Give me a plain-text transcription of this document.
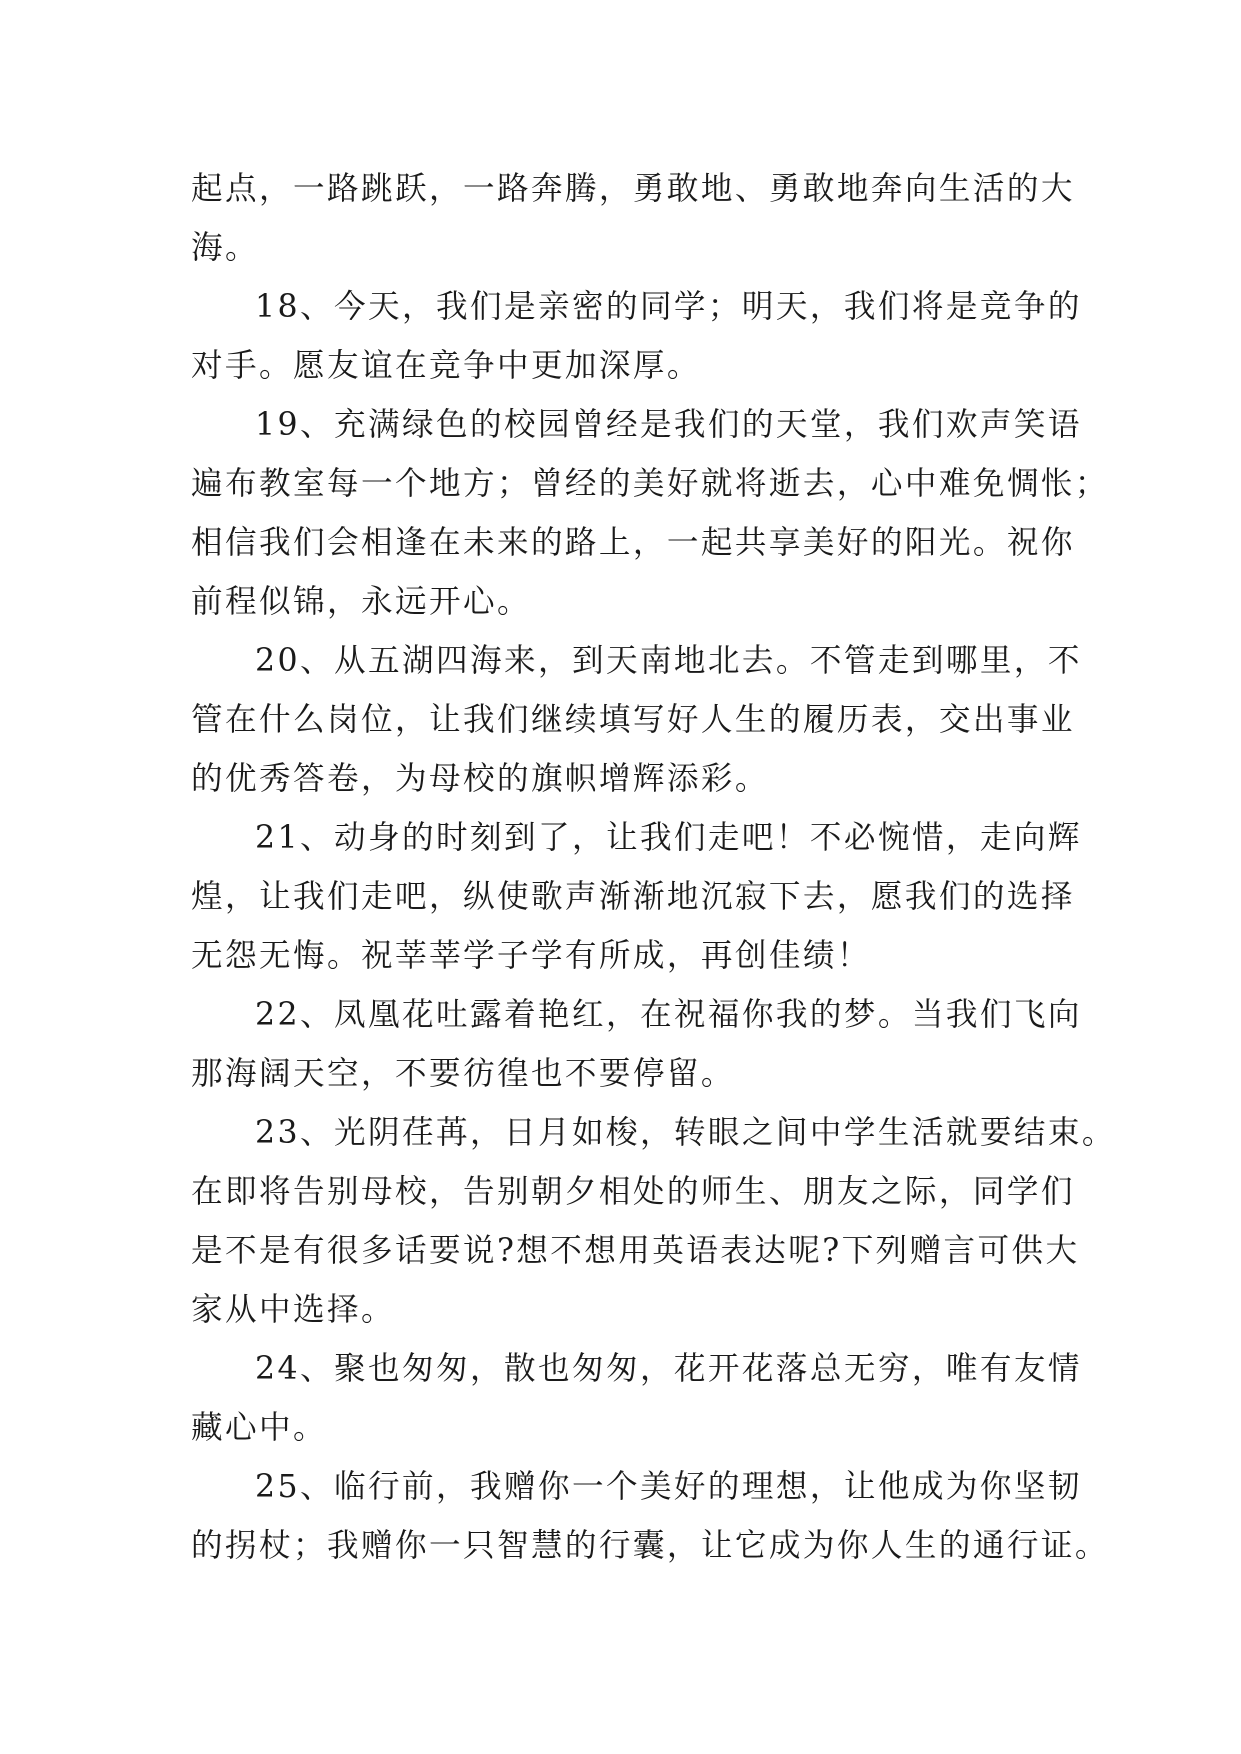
起点，一路跳跃，一路奔腾，勇敢地、勇敢地奔向生活的大
海。
18、今天，我们是亲密的同学；明天，我们将是竞争的
对手。愿友谊在竞争中更加深厚。
19、充满绿色的校园曾经是我们的天堂，我们欢声笑语
遍布教室每一个地方；曾经的美好就将逝去，心中难免惆怅；
相信我们会相逢在未来的路上，一起共享美好的阳光。祝你
前程似锦，永远开心。
20、从五湖四海来，到天南地北去。不管走到哪里，不
管在什么岗位，让我们继续填写好人生的履历表，交出事业
的优秀答卷，为母校的旗帜增辉添彩。
21、动身的时刻到了，让我们走吧！不必惋惜，走向辉
煌，让我们走吧，纵使歌声渐渐地沉寂下去，愿我们的选择
无怨无悔。祝莘莘学子学有所成，再创佳绩！
22、凤凰花吐露着艳红，在祝福你我的梦。当我们飞向
那海阔天空，不要彷徨也不要停留。
23、光阴荏苒，日月如梭，转眼之间中学生活就要结束。
在即将告别母校，告别朝夕相处的师生、朋友之际，同学们
是不是有很多话要说?想不想用英语表达呢?下列赠言可供大
家从中选择。
24、聚也匆匆，散也匆匆，花开花落总无穷，唯有友情
藏心中。
25、临行前，我赠你一个美好的理想，让他成为你坚韧
的拐杖；我赠你一只智慧的行囊，让它成为你人生的通行证。
